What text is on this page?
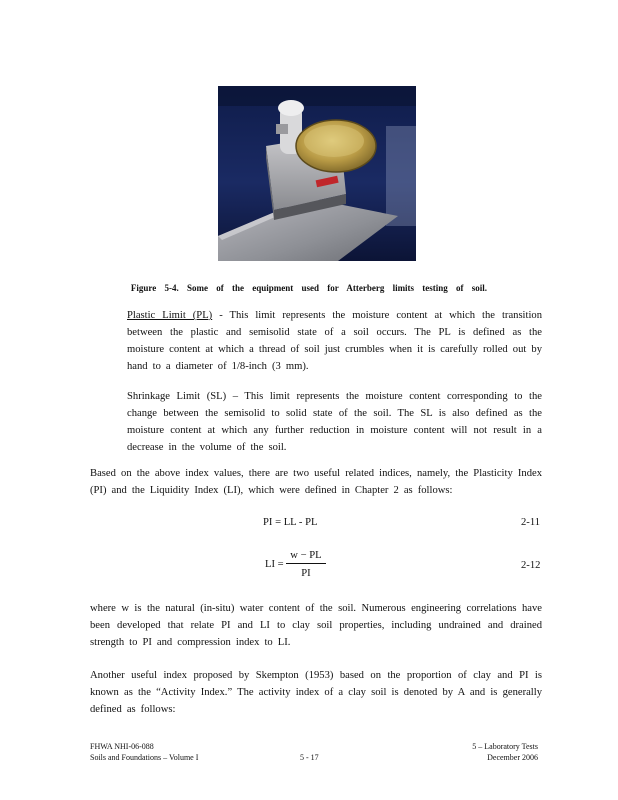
Figure 5-4. Some of the equipment used for Atterberg limits testing of soil.
Plastic Limit (PL) - This limit represents the moisture content at which the transition between the plastic and semisolid state of a soil occurs. The PL is defined as the moisture content at which a thread of soil just crumbles when it is carefully rolled out by hand to a diameter of 1/8-inch (3 mm).
Shrinkage Limit (SL) – This limit represents the moisture content corresponding to the change between the semisolid to solid state of the soil. The SL is also defined as the moisture content at which any further reduction in moisture content will not result in a decrease in the volume of the soil.
Based on the above index values, there are two useful related indices, namely, the Plasticity Index (PI) and the Liquidity Index (LI), which were defined in Chapter 2 as follows:
PI = LL - PL	2-11
LI = $\frac{w - PL}{PI}$	2-12
where w is the natural (in-situ) water content of the soil. Numerous engineering correlations have been developed that relate PI and LI to clay soil properties, including undrained and drained strength to PI and compression index to LI.
Another useful index proposed by Skempton (1953) based on the proportion of clay and PI is known as the “Activity Index.” The activity index of a clay soil is denoted by A and is generally defined as follows:
FHWA NHI-06-088
Soils and Foundations – Volume I	5 - 17
5 – Laboratory Tests
December 2006
